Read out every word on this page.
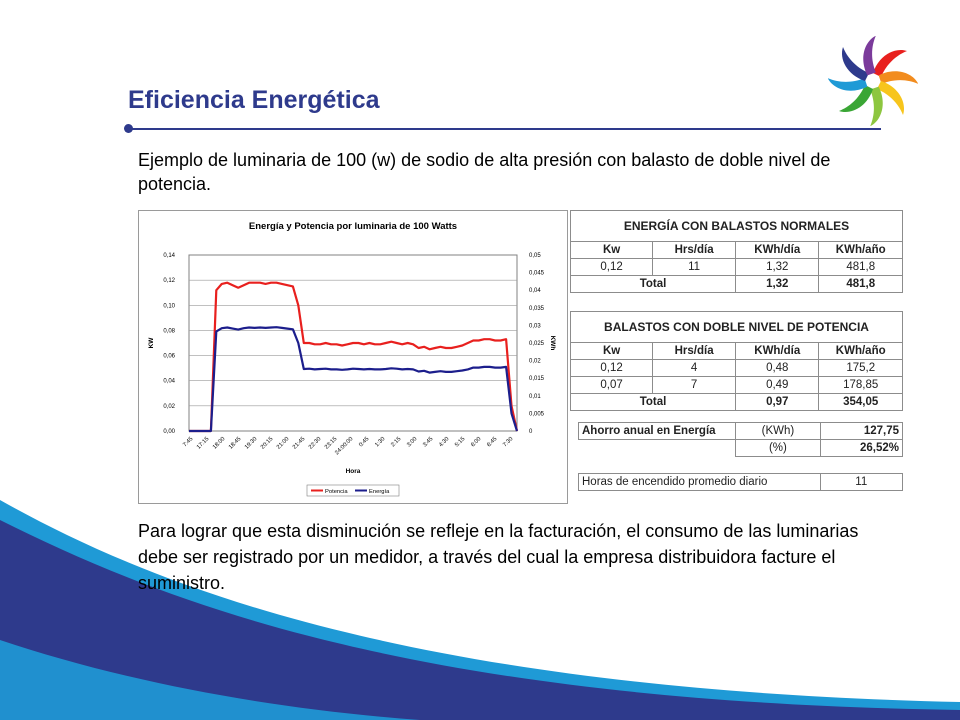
Eficiencia Energética
Ejemplo de luminaria de 100 (w) de sodio de alta presión con balasto de doble nivel de potencia.
Energía y Potencia por luminaria de 100 Watts
0,00
0,02
0,04
0,06
0,08
0,10
0,12
0,14
0
0,005
0,01
0,015
0,02
0,025
0,03
0,035
0,04
0,045
0,05
KW	KWh
7:45 17:15 18:00 18:45 19:30 20:15 21:00 21:45 22:30 23:15
24:00:00 0:45 1:30 2:15 3:00 3:45 4:30 5:15 6:00 6:45 7:30
Hora
Potencia	Energía
ENERGÍA CON BALASTOS NORMALES			
Kw	Hrs/día	KWh/día	KWh/año
0,12	11	1,32	481,8
Total		1,32	481,8
BALASTOS CON DOBLE NIVEL DE POTENCIA			
Kw	Hrs/día	KWh/día	KWh/año
0,12	4	0,48	175,2
0,07	7	0,49	178,85
Total		0,97	354,05
Ahorro anual en Energía	(KWh)	127,75
	(%)	26,52%
Horas de encendido promedio diario	11
Para lograr que esta disminución se refleje en la facturación, el consumo de las luminarias debe ser registrado por un medidor, a través del cual la empresa distribuidora facture el suministro.
